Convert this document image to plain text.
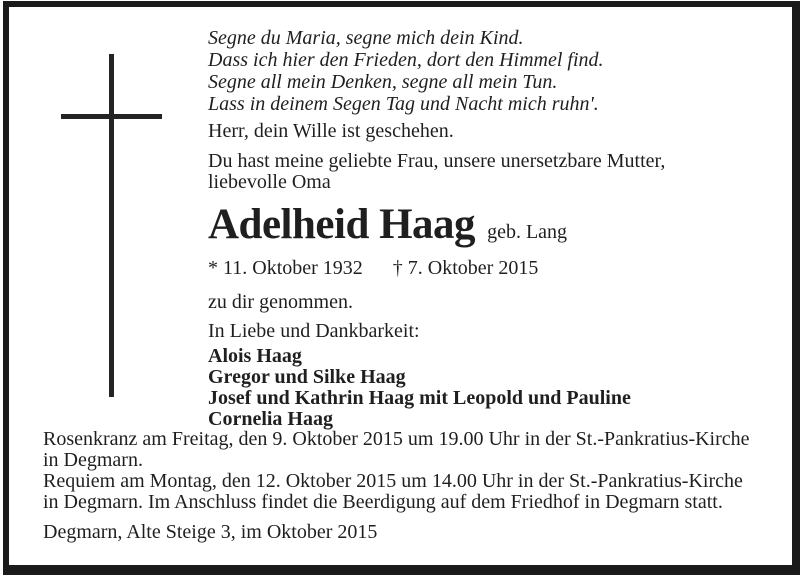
Segne du Maria, segne mich dein Kind.
Dass ich hier den Frieden, dort den Himmel find.
Segne all mein Denken, segne all mein Tun.
Lass in deinem Segen Tag und Nacht mich ruhn'.
Herr, dein Wille ist geschehen.
Du hast meine geliebte Frau, unsere unersetzbare Mutter,
liebevolle Oma
Adelheid Haag geb. Lang
* 11. Oktober 1932 † 7. Oktober 2015
zu dir genommen.
In Liebe und Dankbarkeit:
Alois Haag
Gregor und Silke Haag
Josef und Kathrin Haag mit Leopold und Pauline
Cornelia Haag
Rosenkranz am Freitag, den 9. Oktober 2015 um 19.00 Uhr in der St.-Pankratius-Kirche
in Degmarn.
Requiem am Montag, den 12. Oktober 2015 um 14.00 Uhr in der St.-Pankratius-Kirche
in Degmarn. Im Anschluss findet die Beerdigung auf dem Friedhof in Degmarn statt.
Degmarn, Alte Steige 3, im Oktober 2015
